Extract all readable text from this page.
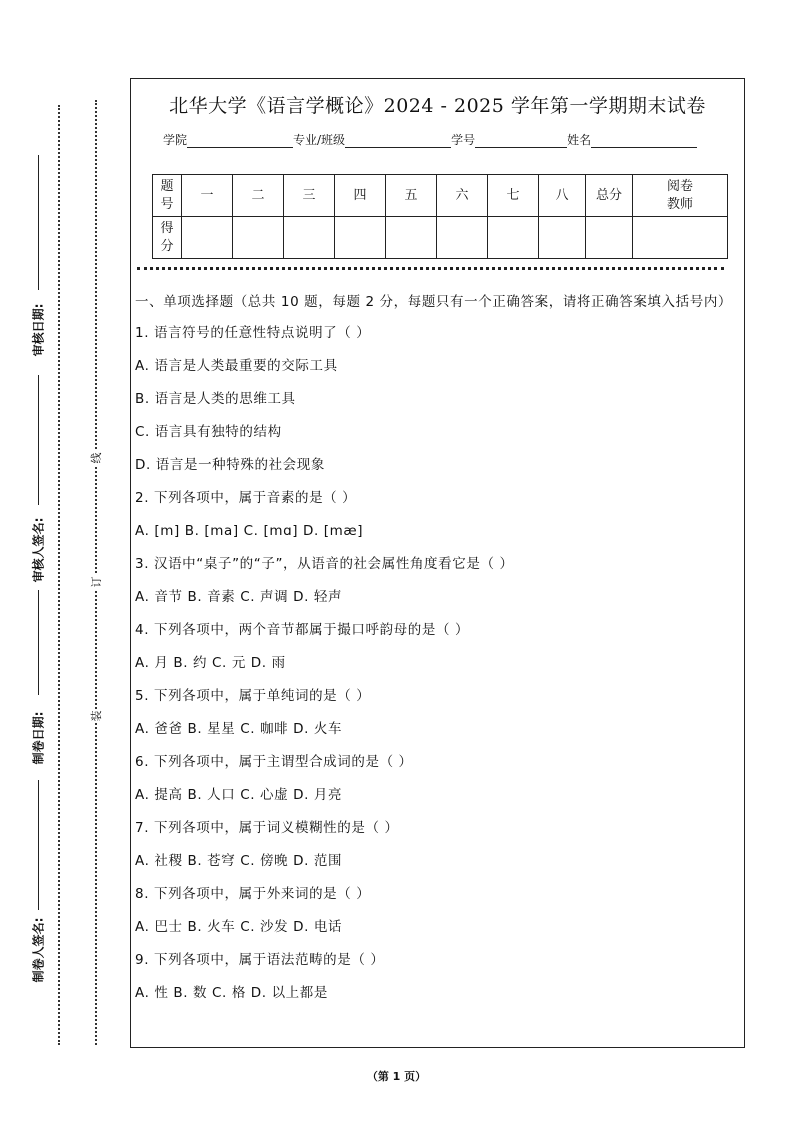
审核日期:
审核人签名:
制卷日期:
制卷人签名:
线
订
装
北华大学《语言学概论》2024 - 2025 学年第一学期期末试卷
学院	专业/班级	学号	姓名
题
号	一	二	三	四	五	六	七	八	总分	阅卷
教师
得
分										
一、单项选择题（总共 10 题，每题 2 分，每题只有一个正确答案，请将正确答案填入括号内）
1. 语言符号的任意性特点说明了（ ）
A. 语言是人类最重要的交际工具
B. 语言是人类的思维工具
C. 语言具有独特的结构
D. 语言是一种特殊的社会现象
2. 下列各项中，属于音素的是（ ）
A. [m] B. [ma] C. [mɑ] D. [mæ]
3. 汉语中“桌子”的“子”，从语音的社会属性角度看它是（ ）
A. 音节 B. 音素 C. 声调 D. 轻声
4. 下列各项中，两个音节都属于撮口呼韵母的是（ ）
A. 月 B. 约 C. 元 D. 雨
5. 下列各项中，属于单纯词的是（ ）
A. 爸爸 B. 星星 C. 咖啡 D. 火车
6. 下列各项中，属于主谓型合成词的是（ ）
A. 提高 B. 人口 C. 心虚 D. 月亮
7. 下列各项中，属于词义模糊性的是（ ）
A. 社稷 B. 苍穹 C. 傍晚 D. 范围
8. 下列各项中，属于外来词的是（ ）
A. 巴士 B. 火车 C. 沙发 D. 电话
9. 下列各项中，属于语法范畴的是（ ）
A. 性 B. 数 C. 格 D. 以上都是
（第 1 页）
